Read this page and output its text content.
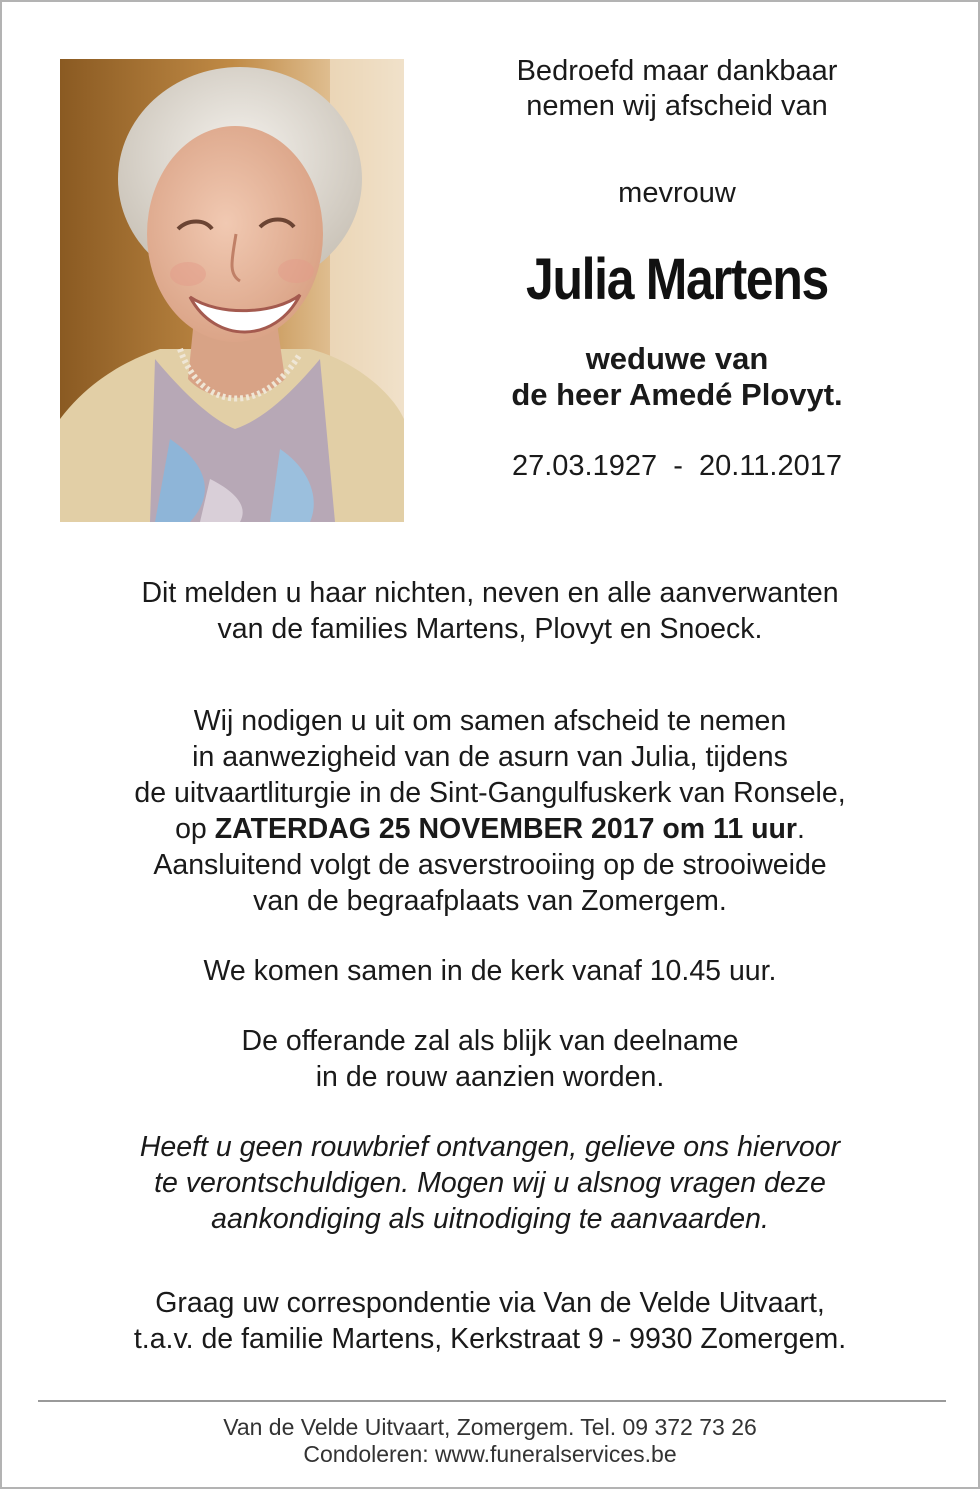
Bedroefd maar dankbaar
nemen wij afscheid van
mevrouw
Julia Martens
weduwe van
de heer Amedé Plovyt.
27.03.1927  -  20.11.2017

Dit melden u haar nichten, neven en alle aanverwanten
van de families Martens, Plovyt en Snoeck.

Wij nodigen u uit om samen afscheid te nemen
in aanwezigheid van de asurn van Julia, tijdens
de uitvaartliturgie in de Sint-Gangulfuskerk van Ronsele,
op ZATERDAG 25 NOVEMBER 2017 om 11 uur.
Aansluitend volgt de asverstrooiing op de strooiweide
van de begraafplaats van Zomergem.

We komen samen in de kerk vanaf 10.45 uur.

De offerande zal als blijk van deelname
in de rouw aanzien worden.

Heeft u geen rouwbrief ontvangen, gelieve ons hiervoor
te verontschuldigen. Mogen wij u alsnog vragen deze
aankondiging als uitnodiging te aanvaarden.

Graag uw correspondentie via Van de Velde Uitvaart,
t.a.v. de familie Martens, Kerkstraat 9 - 9930 Zomergem.

Van de Velde Uitvaart, Zomergem. Tel. 09 372 73 26
Condoleren: www.funeralservices.be
